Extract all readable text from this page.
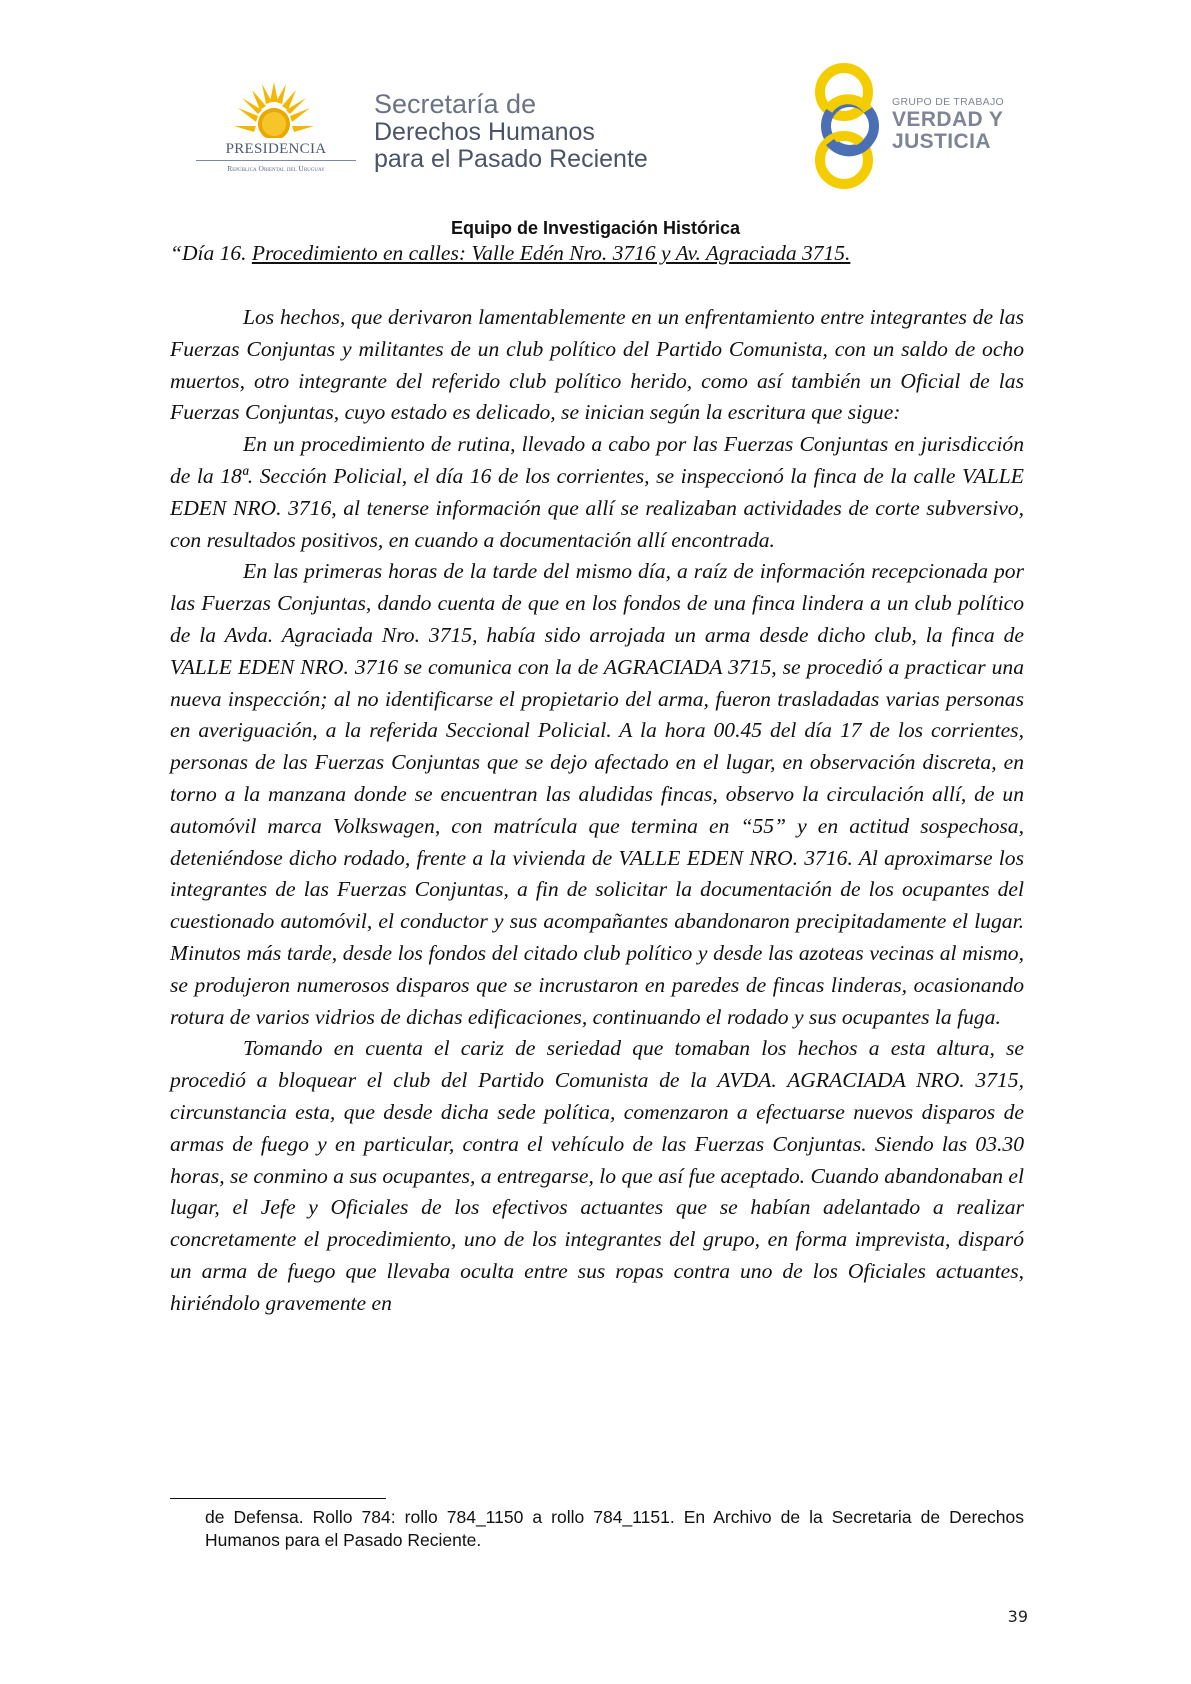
PRESIDENCIA
República Oriental del Uruguay
Secretaría de
Derechos Humanos
para el Pasado Reciente
GRUPO DE TRABAJO
VERDAD Y
JUSTICIA
Equipo de Investigación Histórica
“Día 16. Procedimiento en calles: Valle Edén Nro. 3716 y Av. Agraciada 3715.

Los hechos, que derivaron lamentablemente en un enfrentamiento entre integrantes de las Fuerzas Conjuntas y militantes de un club político del Partido Comunista, con un saldo de ocho muertos, otro integrante del referido club político herido, como así también un Oficial de las Fuerzas Conjuntas, cuyo estado es delicado, se inician según la escritura que sigue:

En un procedimiento de rutina, llevado a cabo por las Fuerzas Conjuntas en jurisdicción de la 18ª. Sección Policial, el día 16 de los corrientes, se inspeccionó la finca de la calle VALLE EDEN NRO. 3716, al tenerse información que allí se realizaban actividades de corte subversivo, con resultados positivos, en cuando a documentación allí encontrada.

En las primeras horas de la tarde del mismo día, a raíz de información recepcionada por las Fuerzas Conjuntas, dando cuenta de que en los fondos de una finca lindera a un club político de la Avda. Agraciada Nro. 3715, había sido arrojada un arma desde dicho club, la finca de VALLE EDEN NRO. 3716 se comunica con la de AGRACIADA 3715, se procedió a practicar una nueva inspección; al no identificarse el propietario del arma, fueron trasladadas varias personas en averiguación, a la referida Seccional Policial. A la hora 00.45 del día 17 de los corrientes, personas de las Fuerzas Conjuntas que se dejo afectado en el lugar, en observación discreta, en torno a la manzana donde se encuentran las aludidas fincas, observo la circulación allí, de un automóvil marca Volkswagen, con matrícula que termina en “55” y en actitud sospechosa, deteniéndose dicho rodado, frente a la vivienda de VALLE EDEN NRO. 3716. Al aproximarse los integrantes de las Fuerzas Conjuntas, a fin de solicitar la documentación de los ocupantes del cuestionado automóvil, el conductor y sus acompañantes abandonaron precipitadamente el lugar. Minutos más tarde, desde los fondos del citado club político y desde las azoteas vecinas al mismo, se produjeron numerosos disparos que se incrustaron en paredes de fincas linderas, ocasionando rotura de varios vidrios de dichas edificaciones, continuando el rodado y sus ocupantes la fuga.

Tomando en cuenta el cariz de seriedad que tomaban los hechos a esta altura, se procedió a bloquear el club del Partido Comunista de la AVDA. AGRACIADA NRO. 3715, circunstancia esta, que desde dicha sede política, comenzaron a efectuarse nuevos disparos de armas de fuego y en particular, contra el vehículo de las Fuerzas Conjuntas. Siendo las 03.30 horas, se conmino a sus ocupantes, a entregarse, lo que así fue aceptado. Cuando abandonaban el lugar, el Jefe y Oficiales de los efectivos actuantes que se habían adelantado a realizar concretamente el procedimiento, uno de los integrantes del grupo, en forma imprevista, disparó un arma de fuego que llevaba oculta entre sus ropas contra uno de los Oficiales actuantes, hiriéndolo gravemente en

de Defensa. Rollo 784: rollo 784_1150 a rollo 784_1151. En Archivo de la Secretaria de Derechos Humanos para el Pasado Reciente.
39
